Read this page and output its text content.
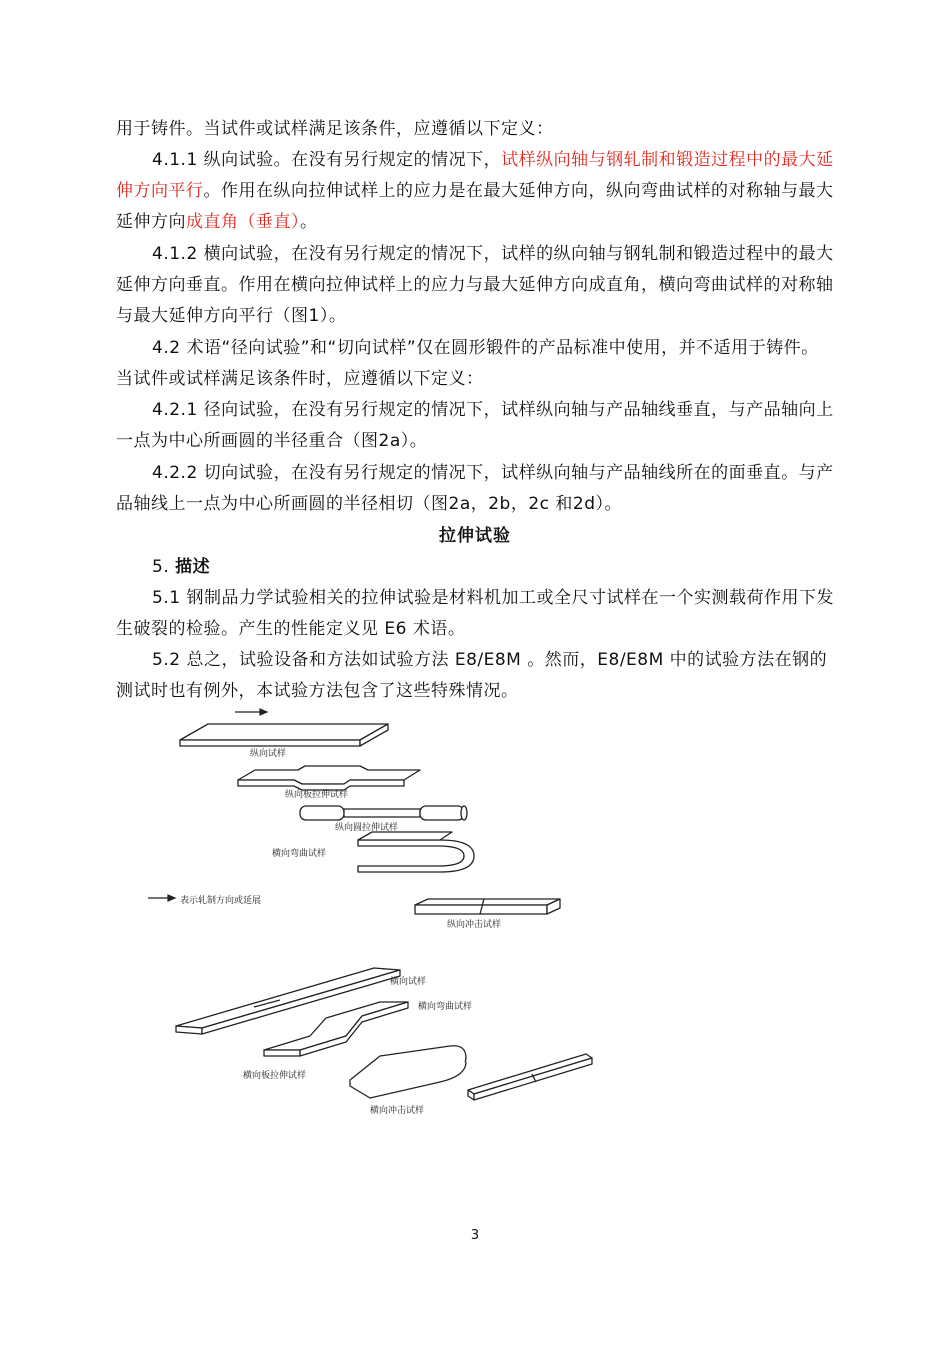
用于铸件。当试件或试样满足该条件，应遵循以下定义：

4.1.1 纵向试验。在没有另行规定的情况下，试样纵向轴与钢轧制和锻造过程中的最大延伸方向平行。作用在纵向拉伸试样上的应力是在最大延伸方向，纵向弯曲试样的对称轴与最大延伸方向成直角（垂直）。

4.1.2 横向试验，在没有另行规定的情况下，试样的纵向轴与钢轧制和锻造过程中的最大延伸方向垂直。作用在横向拉伸试样上的应力与最大延伸方向成直角，横向弯曲试样的对称轴与最大延伸方向平行（图1）。

4.2 术语“径向试验”和“切向试样”仅在圆形锻件的产品标准中使用，并不适用于铸件。当试件或试样满足该条件时，应遵循以下定义：

4.2.1 径向试验，在没有另行规定的情况下，试样纵向轴与产品轴线垂直，与产品轴向上一点为中心所画圆的半径重合（图2a）。

4.2.2 切向试验，在没有另行规定的情况下，试样纵向轴与产品轴线所在的面垂直。与产品轴线上一点为中心所画圆的半径相切（图2a，2b，2c 和2d）。

拉伸试验
5. 描述

5.1 钢制品力学试验相关的拉伸试验是材料机加工或全尺寸试样在一个实测载荷作用下发生破裂的检验。产生的性能定义见 E6 术语。

5.2 总之，试验设备和方法如试验方法 E8/E8M 。然而，E8/E8M 中的试验方法在钢的测试时也有例外，本试验方法包含了这些特殊情况。

纵向试样
纵向板拉伸试样
纵向圆拉伸试样
横向弯曲试样
表示轧制方向或延展
纵向冲击试样
横向试样
横向弯曲试样
横向板拉伸试样
横向冲击试样
3
